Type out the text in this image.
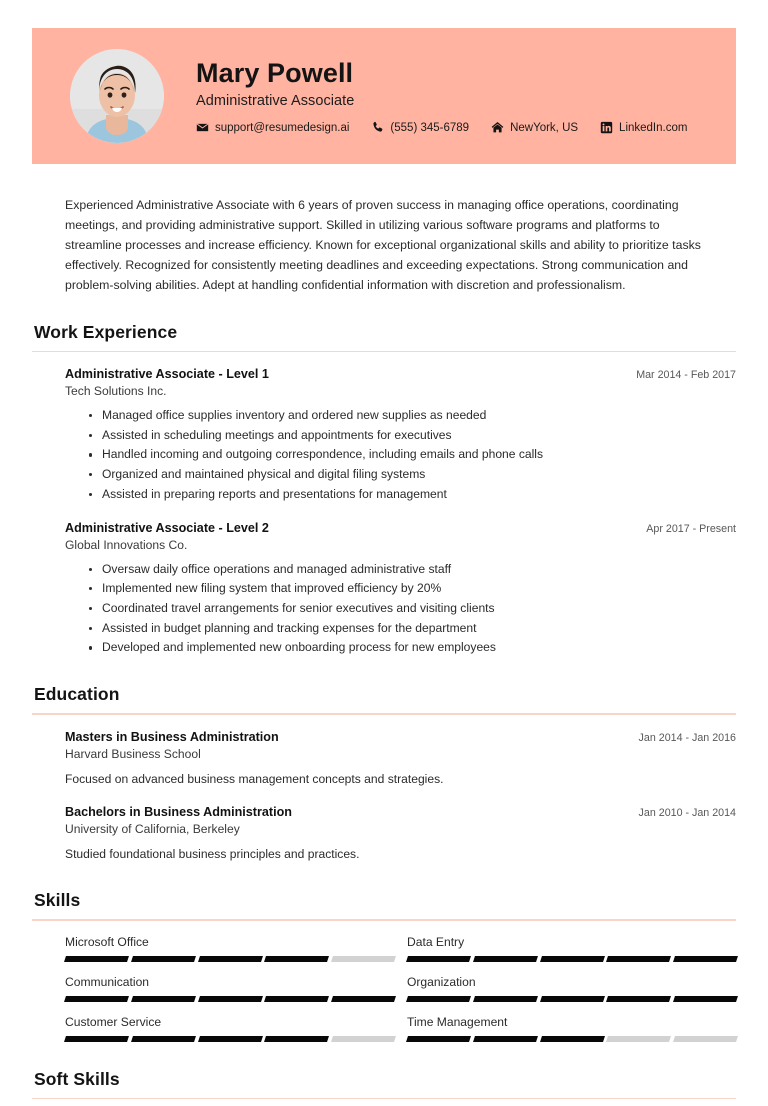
Mary Powell
Administrative Associate
support@resumedesign.ai	(555) 345-6789	NewYork, US	LinkedIn.com
Experienced Administrative Associate with 6 years of proven success in managing office operations, coordinating meetings, and providing administrative support. Skilled in utilizing various software programs and platforms to streamline processes and increase efficiency. Known for exceptional organizational skills and ability to prioritize tasks effectively. Recognized for consistently meeting deadlines and exceeding expectations. Strong communication and problem-solving abilities. Adept at handling confidential information with discretion and professionalism.
Work Experience
Administrative Associate - Level 1	Mar 2014 - Feb 2017
Tech Solutions Inc.
Managed office supplies inventory and ordered new supplies as needed
Assisted in scheduling meetings and appointments for executives
Handled incoming and outgoing correspondence, including emails and phone calls
Organized and maintained physical and digital filing systems
Assisted in preparing reports and presentations for management
Administrative Associate - Level 2	Apr 2017 - Present
Global Innovations Co.
Oversaw daily office operations and managed administrative staff
Implemented new filing system that improved efficiency by 20%
Coordinated travel arrangements for senior executives and visiting clients
Assisted in budget planning and tracking expenses for the department
Developed and implemented new onboarding process for new employees
Education
Masters in Business Administration	Jan 2014 - Jan 2016
Harvard Business School
Focused on advanced business management concepts and strategies.
Bachelors in Business Administration	Jan 2010 - Jan 2014
University of California, Berkeley
Studied foundational business principles and practices.
Skills
Microsoft Office	Data Entry
Communication	Organization
Customer Service	Time Management
Soft Skills
